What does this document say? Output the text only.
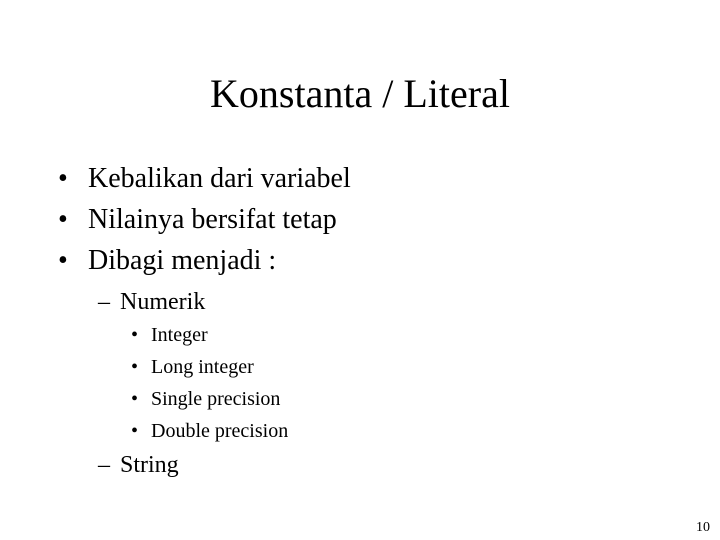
Konstanta / Literal
• Kebalikan dari variabel
• Nilainya bersifat tetap
• Dibagi menjadi :
– Numerik
• Integer
• Long integer
• Single precision
• Double precision
– String
10
